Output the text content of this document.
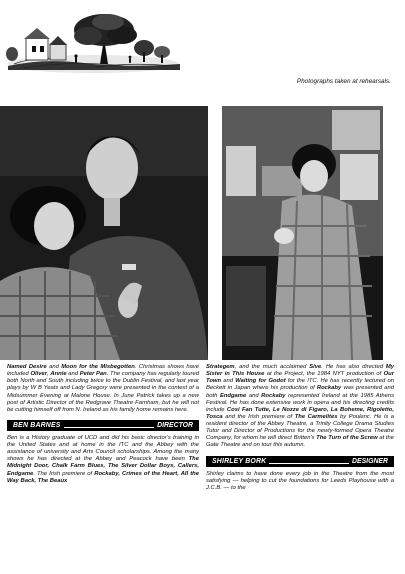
Photographs taken at rehearsals.

Named Desire and Moon for the Misbegotten. Christmas shows have included Oliver, Annie and Peter Pan. The company has regularly toured both North and South including twice to the Dublin Festival, and last year plays by W B Yeats and Lady Gregory were presented in the context of a Midsummer Evening at Malone House. In June Patrick takes up a new post of Artistic Director of the Redgrave Theatre Farnham, but he will not be cutting himself off from N. Ireland as his family home remains here.

BEN BARNES	DIRECTOR

Ben is a History graduate of UCD and did his basic director's training in the United States and at home in the ITC and the Abbey with the assistance of university and Arts Council scholarships. Among the many shows he has directed at the Abbey and Peacock have been The Midnight Door, Chalk Farm Blues, The Silver Dollar Boys, Callers, Endgame. The Irish premiere of Rockaby, Crimes of the Heart, All the Way Back, The Beaux

Strategem, and the much acclaimed Sive. He has also directed My Sister in This House at the Project, the 1984 NYT production of Our Town and Waiting for Godot for the ITC. He has recently lectured on Beckett in Japan where his production of Rockaby was presented and both Endgame and Rockaby represented Ireland at the 1985 Athens Festival. He has done extensive work in opera and his directing credits include Cosi Fan Tutte, Le Nozze di Figaro, La Boheme, Rigoletto, Tosca and the Irish premiere of The Carmelites by Poulenc. He is a resident director of the Abbey Theatre, a Trinity College Drama Studies Tutor and Director of Productions for the newly-formed Opera Theatre Company, for whom he will direct Britten's The Turn of the Screw at the Gate Theatre and on tour this autumn.

SHIRLEY BORK	DESIGNER

Shirley claims to have done every job in the Theatre from the most satisfying — helping to cut the foundations for Leeds Playhouse with a J.C.B. — to the
